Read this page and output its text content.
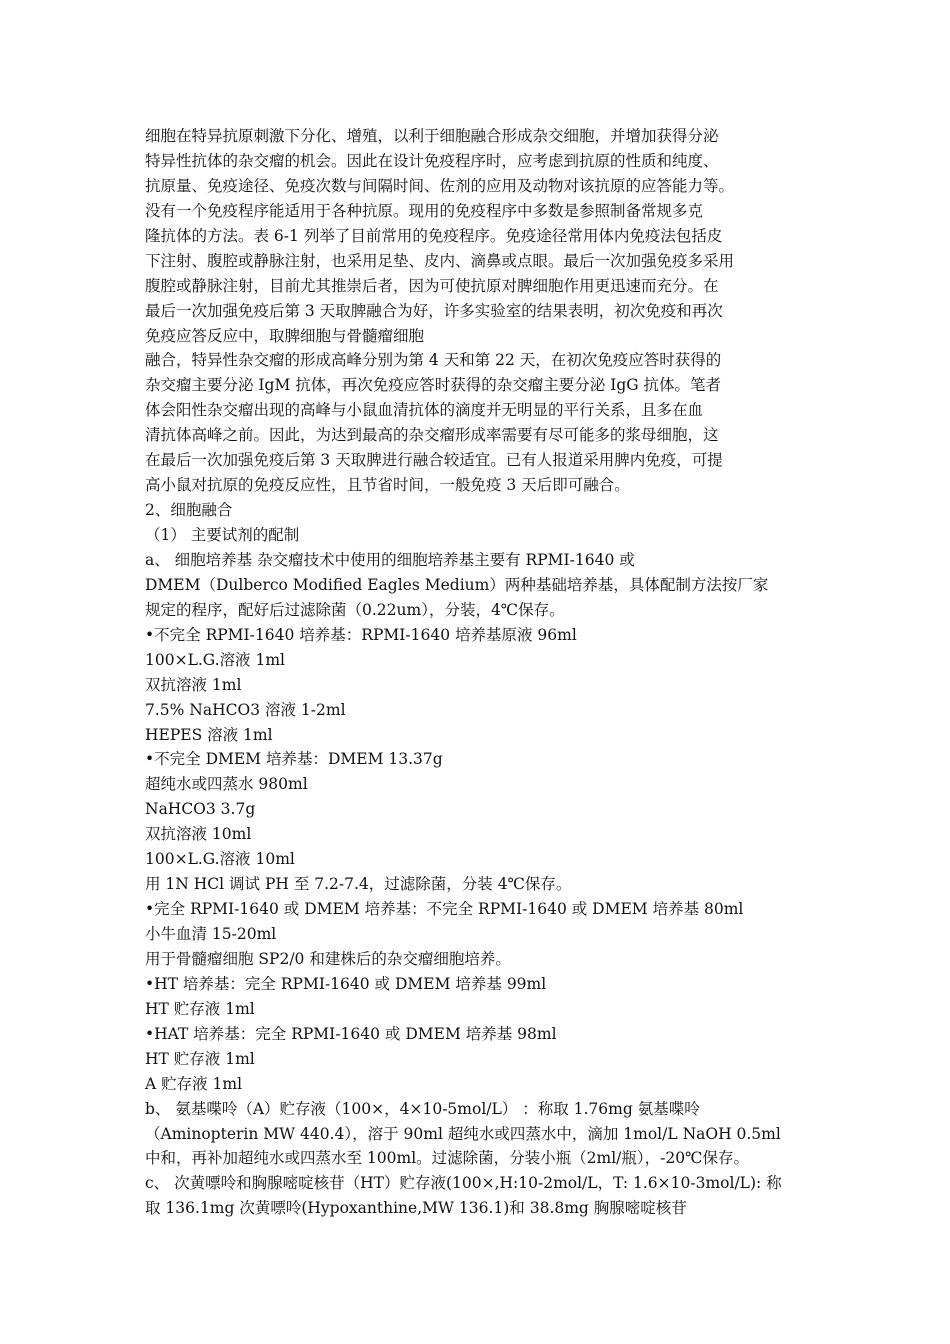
细胞在特异抗原刺激下分化、增殖，以利于细胞融合形成杂交细胞，并增加获得分泌
特异性抗体的杂交瘤的机会。因此在设计免疫程序时，应考虑到抗原的性质和纯度、
抗原量、免疫途径、免疫次数与间隔时间、佐剂的应用及动物对该抗原的应答能力等。
没有一个免疫程序能适用于各种抗原。现用的免疫程序中多数是参照制备常规多克
隆抗体的方法。表 6-1 列举了目前常用的免疫程序。免疫途径常用体内免疫法包括皮
下注射、腹腔或静脉注射，也采用足垫、皮内、滴鼻或点眼。最后一次加强免疫多采用
腹腔或静脉注射，目前尤其推崇后者，因为可使抗原对脾细胞作用更迅速而充分。在
最后一次加强免疫后第 3 天取脾融合为好，许多实验室的结果表明，初次免疫和再次
免疫应答反应中，取脾细胞与骨髓瘤细胞
融合，特异性杂交瘤的形成高峰分别为第 4 天和第 22 天，在初次免疫应答时获得的
杂交瘤主要分泌 IgM 抗体，再次免疫应答时获得的杂交瘤主要分泌 IgG 抗体。笔者
体会阳性杂交瘤出现的高峰与小鼠血清抗体的滴度并无明显的平行关系，且多在血
清抗体高峰之前。因此，为达到最高的杂交瘤形成率需要有尽可能多的浆母细胞，这
在最后一次加强免疫后第 3 天取脾进行融合较适宜。已有人报道采用脾内免疫，可提
高小鼠对抗原的免疫反应性，且节省时间，一般免疫 3 天后即可融合。
2、细胞融合
（1） 主要试剂的配制
a、 细胞培养基 杂交瘤技术中使用的细胞培养基主要有 RPMI-1640 或
DMEM（Dulberco Modified Eagles Medium）两种基础培养基，具体配制方法按厂家
规定的程序，配好后过滤除菌（0.22um），分装，4℃保存。
•不完全 RPMI-1640 培养基：RPMI-1640 培养基原液 96ml
100×L.G.溶液 1ml
双抗溶液 1ml
7.5% NaHCO3 溶液 1-2ml
HEPES 溶液 1ml
•不完全 DMEM 培养基：DMEM 13.37g
超纯水或四蒸水 980ml
NaHCO3 3.7g
双抗溶液 10ml
100×L.G.溶液 10ml
用 1N HCl 调试 PH 至 7.2-7.4，过滤除菌，分装 4℃保存。
•完全 RPMI-1640 或 DMEM 培养基：不完全 RPMI-1640 或 DMEM 培养基 80ml
小牛血清 15-20ml
用于骨髓瘤细胞 SP2/0 和建株后的杂交瘤细胞培养。
•HT 培养基：完全 RPMI-1640 或 DMEM 培养基 99ml
HT 贮存液 1ml
•HAT 培养基：完全 RPMI-1640 或 DMEM 培养基 98ml
HT 贮存液 1ml
A 贮存液 1ml
b、 氨基喋呤（A）贮存液（100×，4×10-5mol/L） ：称取 1.76mg 氨基喋呤
（Aminopterin MW 440.4），溶于 90ml 超纯水或四蒸水中，滴加 1mol/L NaOH 0.5ml
中和，再补加超纯水或四蒸水至 100ml。过滤除菌，分装小瓶（2ml/瓶），-20℃保存。
c、 次黄嘌呤和胸腺嘧啶核苷（HT）贮存液(100×,H:10-2mol/L，T: 1.6×10-3mol/L): 称
取 136.1mg 次黄嘌呤(Hypoxanthine,MW 136.1)和 38.8mg 胸腺嘧啶核苷
